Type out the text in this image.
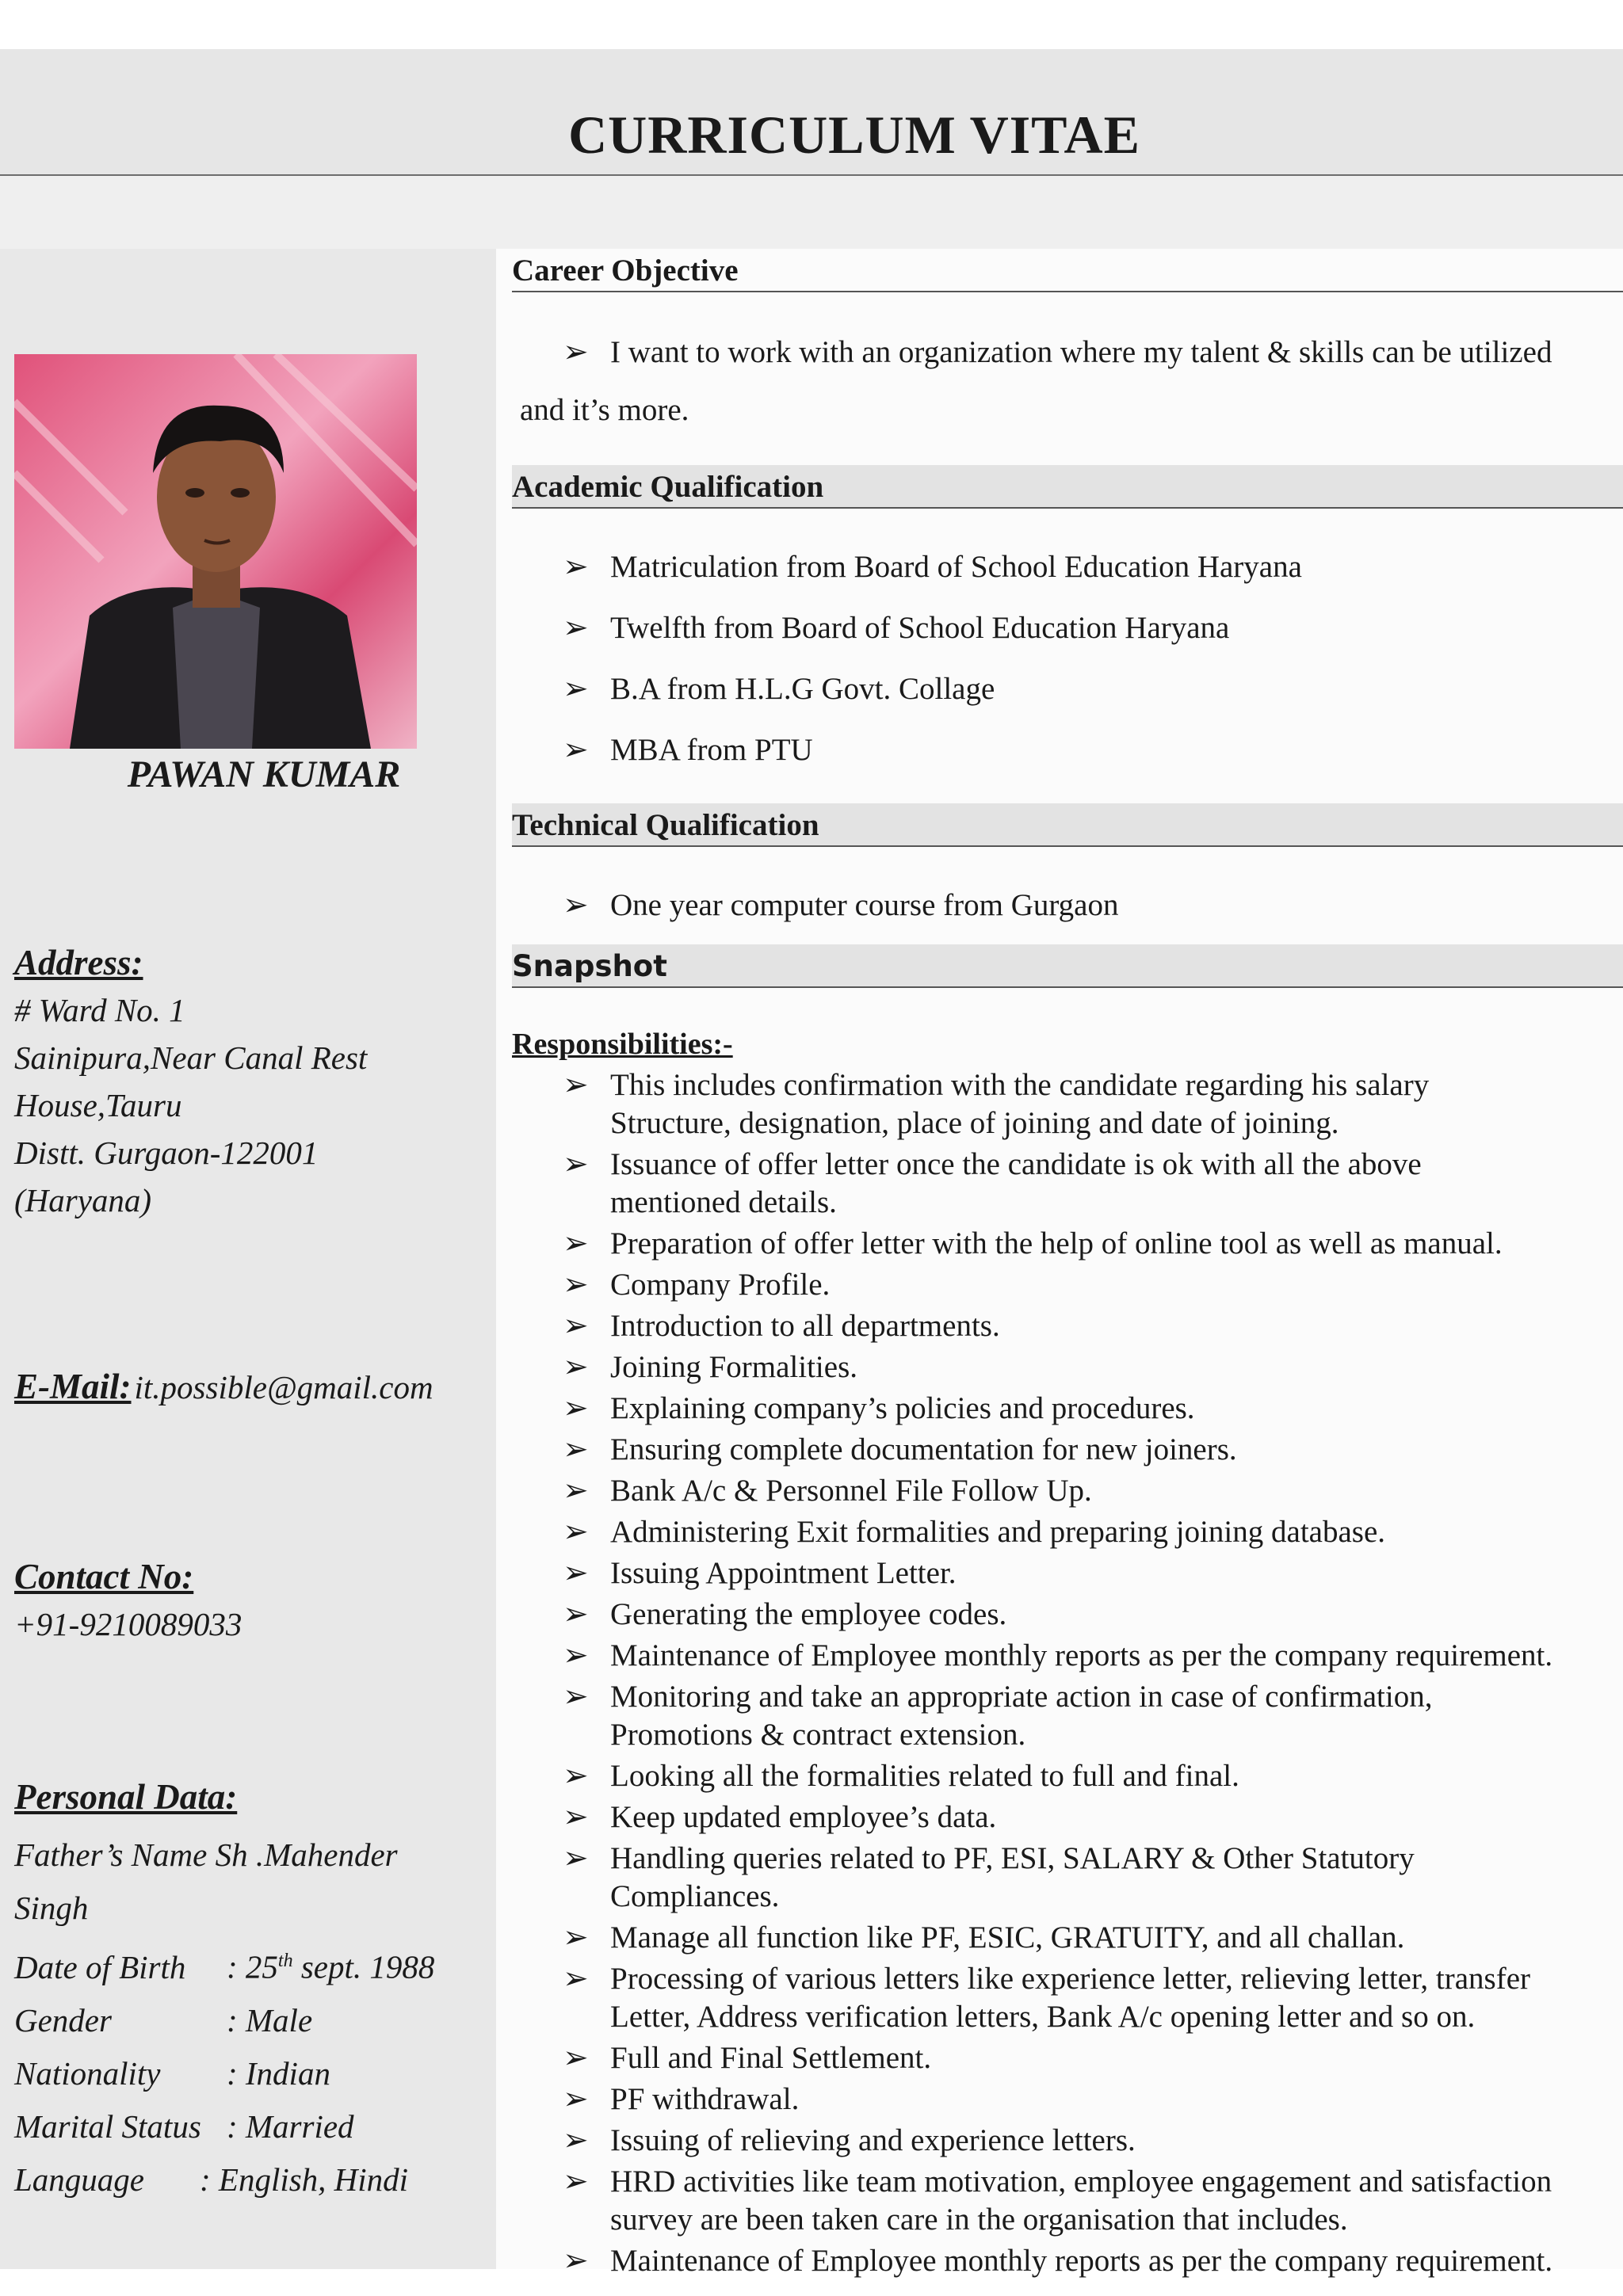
CURRICULUM VITAE
PAWAN KUMAR
Address:
# Ward No. 1
Sainipura,Near Canal Rest
House,Tauru
Distt. Gurgaon-122001
(Haryana)
E-Mail: it.possible@gmail.com
Contact No:
+91-9210089033
Personal Data:
Father’s Name Sh .Mahender
Singh
Date of Birth : 25th sept. 1988
Gender	: Male
Nationality : Indian
Marital Status : Married
Language : English, Hindi
Career Objective
➢ I want to work with an organization where my talent & skills can be utilized
and it’s more.
Academic Qualification
➢ Matriculation from Board of School Education Haryana
➢ Twelfth from Board of School Education Haryana
➢ B.A from H.L.G Govt. Collage
➢ MBA from PTU
Technical Qualification
➢ One year computer course from Gurgaon
Snapshot
Responsibilities:-
➢ This includes confirmation with the candidate regarding his salary
Structure, designation, place of joining and date of joining.
➢ Issuance of offer letter once the candidate is ok with all the above
mentioned details.
➢ Preparation of offer letter with the help of online tool as well as manual.
➢ Company Profile.
➢ Introduction to all departments.
➢ Joining Formalities.
➢ Explaining company’s policies and procedures.
➢ Ensuring complete documentation for new joiners.
➢ Bank A/c & Personnel File Follow Up.
➢ Administering Exit formalities and preparing joining database.
➢ Issuing Appointment Letter.
➢ Generating the employee codes.
➢ Maintenance of Employee monthly reports as per the company requirement.
➢ Monitoring and take an appropriate action in case of confirmation,
Promotions & contract extension.
➢ Looking all the formalities related to full and final.
➢ Keep updated employee’s data.
➢ Handling queries related to PF, ESI, SALARY & Other Statutory
Compliances.
➢ Manage all function like PF, ESIC, GRATUITY, and all challan.
➢ Processing of various letters like experience letter, relieving letter, transfer
Letter, Address verification letters, Bank A/c opening letter and so on.
➢ Full and Final Settlement.
➢ PF withdrawal.
➢ Issuing of relieving and experience letters.
➢ HRD activities like team motivation, employee engagement and satisfaction
survey are been taken care in the organisation that includes.
➢ Maintenance of Employee monthly reports as per the company requirement.
